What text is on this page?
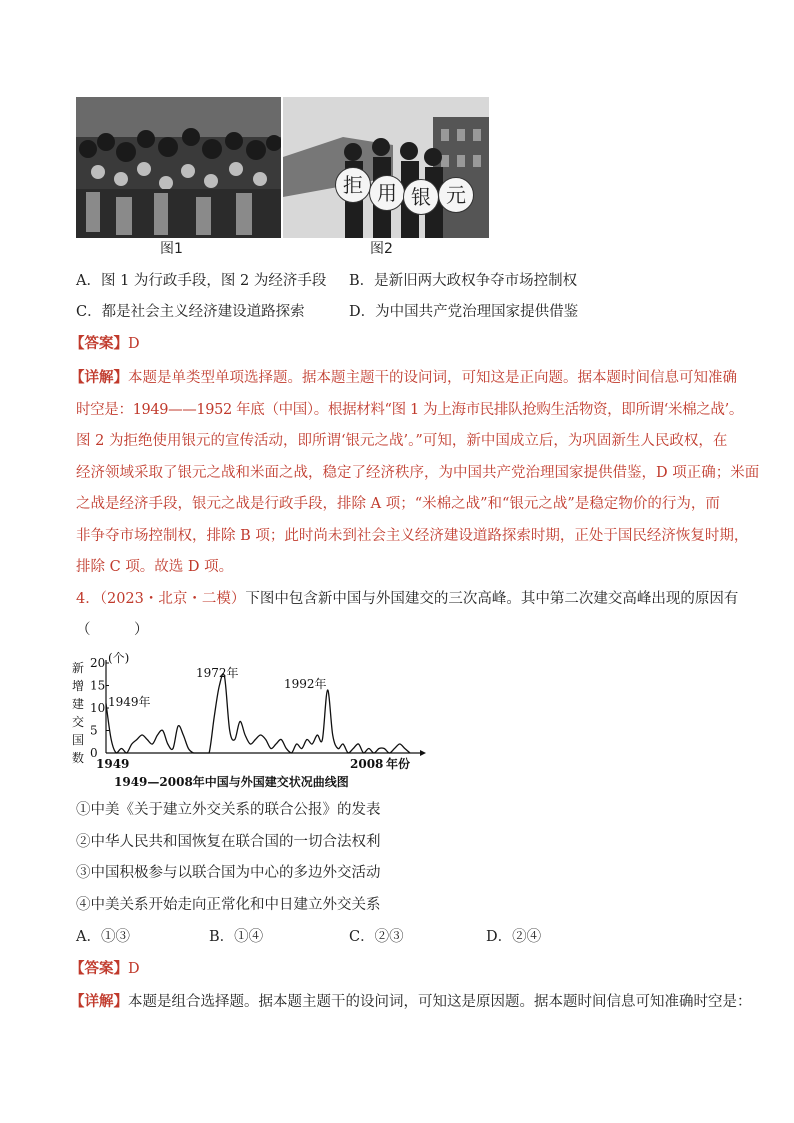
拒 用 银 元
图1	图2
A．图 1 为行政手段，图 2 为经济手段 B．是新旧两大政权争夺市场控制权
C．都是社会主义经济建设道路探索	D．为中国共产党治理国家提供借鉴
【答案】D
【详解】本题是单类型单项选择题。据本题主题干的设问词，可知这是正向题。据本题时间信息可知准确
时空是：1949——1952 年底（中国）。根据材料“图 1 为上海市民排队抢购生活物资，即所谓‘米棉之战’。
图 2 为拒绝使用银元的宣传活动，即所谓‘银元之战’。”可知，新中国成立后，为巩固新生人民政权，在
经济领域采取了银元之战和米面之战，稳定了经济秩序，为中国共产党治理国家提供借鉴，D 项正确；米面
之战是经济手段，银元之战是行政手段，排除 A 项；“米棉之战”和“银元之战”是稳定物价的行为，而
非争夺市场控制权，排除 B 项；此时尚未到社会主义经济建设道路探索时期，正处于国民经济恢复时期，
排除 C 项。故选 D 项。
4．（2023・北京・二模）下图中包含新中国与外国建交的三次高峰。其中第二次建交高峰出现的原因有
（　　　）
新
增
建
交
国
数
(个)
20
15
10
5
0
1949年
1972年
1992年
1949	2008 年份
1949—2008年中国与外国建交状况曲线图
①中美《关于建立外交关系的联合公报》的发表
②中华人民共和国恢复在联合国的一切合法权利
③中国积极参与以联合国为中心的多边外交活动
④中美关系开始走向正常化和中日建立外交关系
A．①③	B．①④	C．②③	D．②④
【答案】D
【详解】本题是组合选择题。据本题主题干的设问词，可知这是原因题。据本题时间信息可知准确时空是：
